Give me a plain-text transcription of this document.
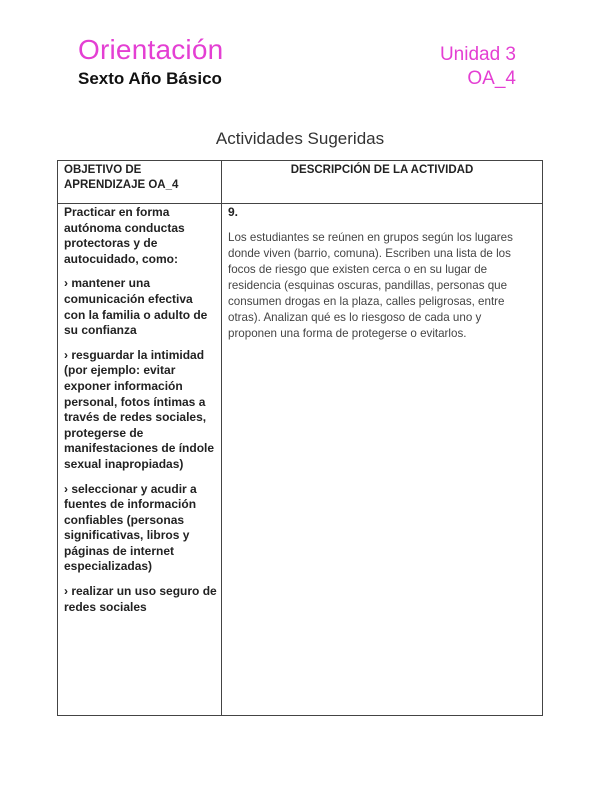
Orientación
Sexto Año Básico
Unidad 3
OA_4
Actividades Sugeridas
OBJETIVO DE APRENDIZAJE OA_4
DESCRIPCIÓN DE LA ACTIVIDAD

Practicar en forma autónoma conductas protectoras y de autocuidado, como:

› mantener una comunicación efectiva con la familia o adulto de su confianza

› resguardar la intimidad (por ejemplo: evitar exponer información personal, fotos íntimas a través de redes sociales, protegerse de manifestaciones de índole sexual inapropiadas)

› seleccionar y acudir a fuentes de información confiables (personas significativas, libros y páginas de internet especializadas)

› realizar un uso seguro de redes sociales

9.
Los estudiantes se reúnen en grupos según los lugares donde viven (barrio, comuna). Escriben una lista de los focos de riesgo que existen cerca o en su lugar de residencia (esquinas oscuras, pandillas, personas que consumen drogas en la plaza, calles peligrosas, entre otras). Analizan qué es lo riesgoso de cada uno y proponen una forma de protegerse o evitarlos.
